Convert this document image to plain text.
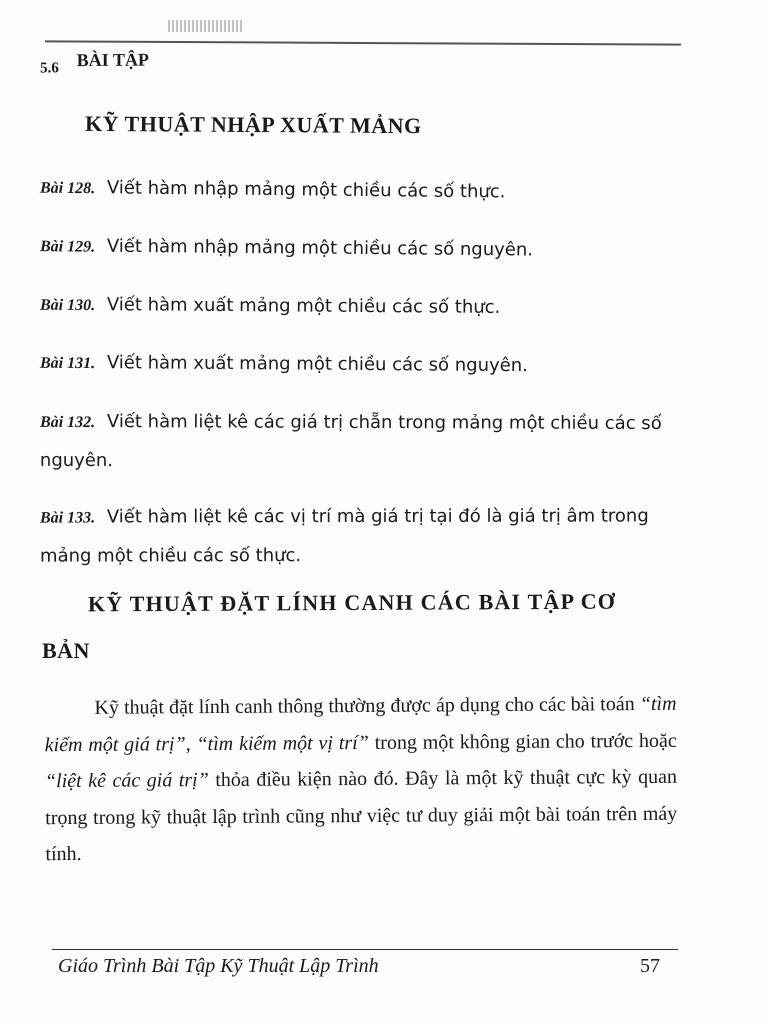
$_{5.6}$ BÀI TẬP
KỸ THUẬT NHẬP XUẤT MẢNG
Bài 128. Viết hàm nhập mảng một chiều các số thực.
Bài 129. Viết hàm nhập mảng một chiều các số nguyên.
Bài 130. Viết hàm xuất mảng một chiều các số thực.
Bài 131. Viết hàm xuất mảng một chiều các số nguyên.
Bài 132. Viết hàm liệt kê các giá trị chẵn trong mảng một chiều các số nguyên.
Bài 133. Viết hàm liệt kê các vị trí mà giá trị tại đó là giá trị âm trong mảng một chiều các số thực.
KỸ THUẬT ĐẶT LÍNH CANH CÁC BÀI TẬP CƠ
BẢN
Kỹ thuật đặt lính canh thông thường được áp dụng cho các bài toán “tìm kiếm một giá trị”, “tìm kiếm một vị trí” trong một không gian cho trước hoặc “liệt kê các giá trị” thỏa điều kiện nào đó. Đây là một kỹ thuật cực kỳ quan trọng trong kỹ thuật lập trình cũng như việc tư duy giải một bài toán trên máy tính.
Giáo Trình Bài Tập Kỹ Thuật Lập Trình	57
